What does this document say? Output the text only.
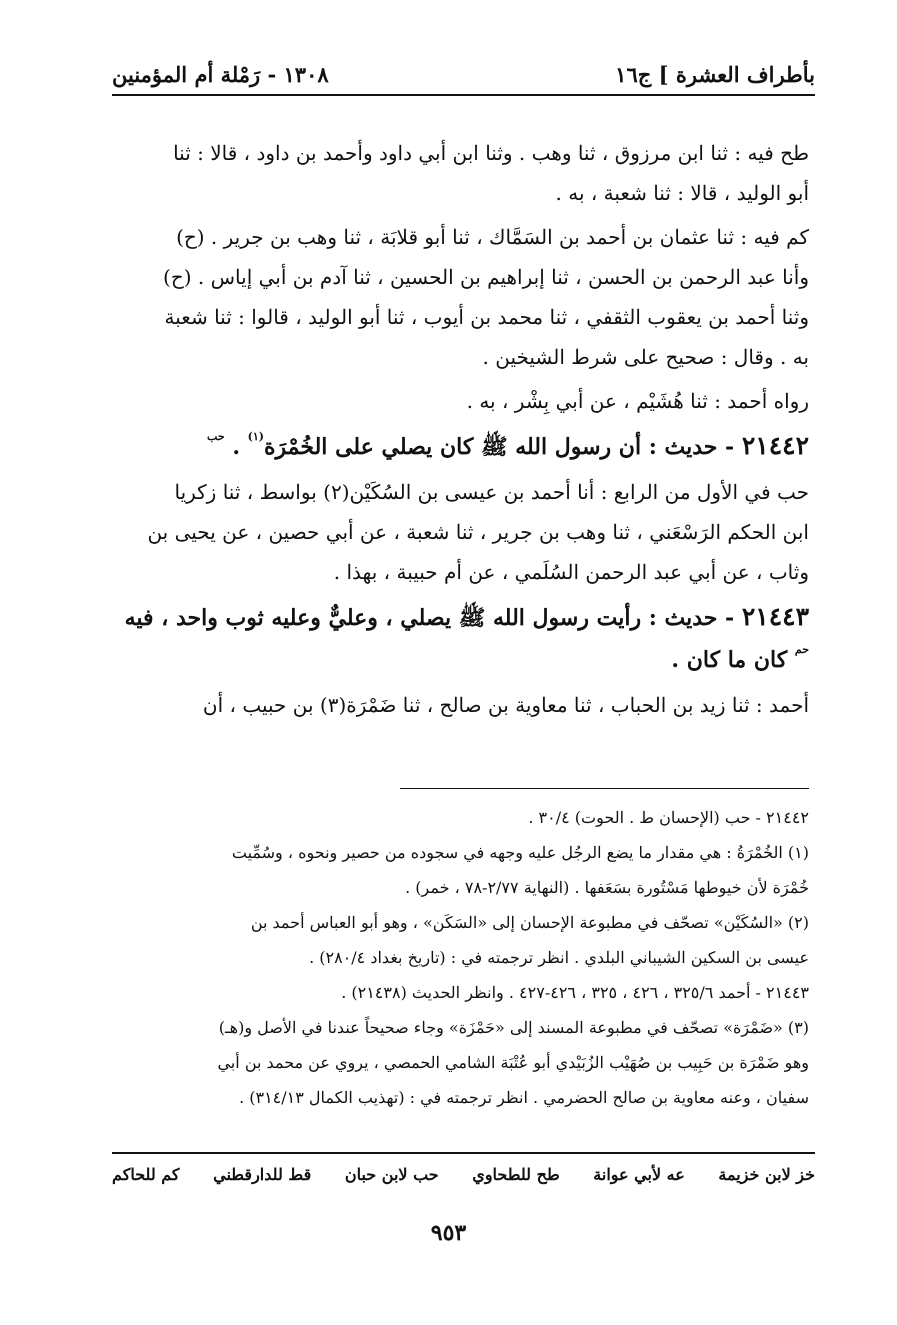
بأطراف العشرة ] ج١٦
١٣٠٨ - رَمْلة أم المؤمنين
طح فيه : ثنا ابن مرزوق ، ثنا وهب . وثنا ابن أبي داود وأحمد بن داود ، قالا : ثنا
أبو الوليد ، قالا : ثنا شعبة ، به .
كم فيه : ثنا عثمان بن أحمد بن السَمَّاك ، ثنا أبو قلابَة ، ثنا وهب بن جرير . (ح)
وأنا عبد الرحمن بن الحسن ، ثنا إبراهيم بن الحسين ، ثنا آدم بن أبي إياس . (ح)
وثنا أحمد بن يعقوب الثقفي ، ثنا محمد بن أيوب ، ثنا أبو الوليد ، قالوا : ثنا شعبة
به . وقال : صحيح على شرط الشيخين .
رواه أحمد : ثنا هُشَيْم ، عن أبي بِشْر ، به .
٢١٤٤٢ - حديث : أن رسول الله ﷺ كان يصلي على الخُمْرَة$^{(١)}$ . $^{حب}$
حب في الأول من الرابع : أنا أحمد بن عيسى بن السُكَيْن(٢) بواسط ، ثنا زكريا
ابن الحكم الرَسْعَني ، ثنا وهب بن جرير ، ثنا شعبة ، عن أبي حصين ، عن يحيى بن
وثاب ، عن أبي عبد الرحمن السُلَمي ، عن أم حبيبة ، بهذا .
٢١٤٤٣ - حديث : رأيت رسول الله ﷺ يصلي ، وعليٌّ وعليه ثوب واحد ، فيه
$^{حم}$ كان ما كان .
أحمد : ثنا زيد بن الحباب ، ثنا معاوية بن صالح ، ثنا ضَمْرَة(٣) بن حبيب ، أن
٢١٤٤٢ - حب (الإحسان ط . الحوت) ٣٠/٤ .
(١) الخُمْرَةُ : هي مقدار ما يضع الرجُل عليه وجهه في سجوده من حصير ونحوه ، وسُمِّيت
خُمْرَة لأن خيوطها مَسْتُورة بسَعَفها . (النهاية ٢/٧٧-٧٨ ، خمر) .
(٢) «السُكَيْن» تصحّف في مطبوعة الإحسان إلى «السَكَن» ، وهو أبو العباس أحمد بن
عيسى بن السكين الشيباني البلدي . انظر ترجمته في : (تاريخ بغداد ٢٨٠/٤) .
٢١٤٤٣ - أحمد ٣٢٥/٦ ، ٤٢٦ ، ٣٢٥ ، ٤٢٦-٤٢٧ . وانظر الحديث (٢١٤٣٨) .
(٣) «ضَمْرَة» تصحّف في مطبوعة المسند إلى «حَمْزَة» وجاء صحيحاً عندنا في الأصل و(هـ)
وهو ضَمْرَة بن حَبِيب بن صُهَيْب الزُبَيْدي أبو عُتْبَة الشامي الحمصي ، يروي عن محمد بن أبي
سفيان ، وعنه معاوية بن صالح الحضرمي . انظر ترجمته في : (تهذيب الكمال ٣١٤/١٣) .
خز لابن خزيمة
عه لأبي عوانة
طح للطحاوي
حب لابن حبان
قط للدارقطني
كم للحاكم
٩٥٣
